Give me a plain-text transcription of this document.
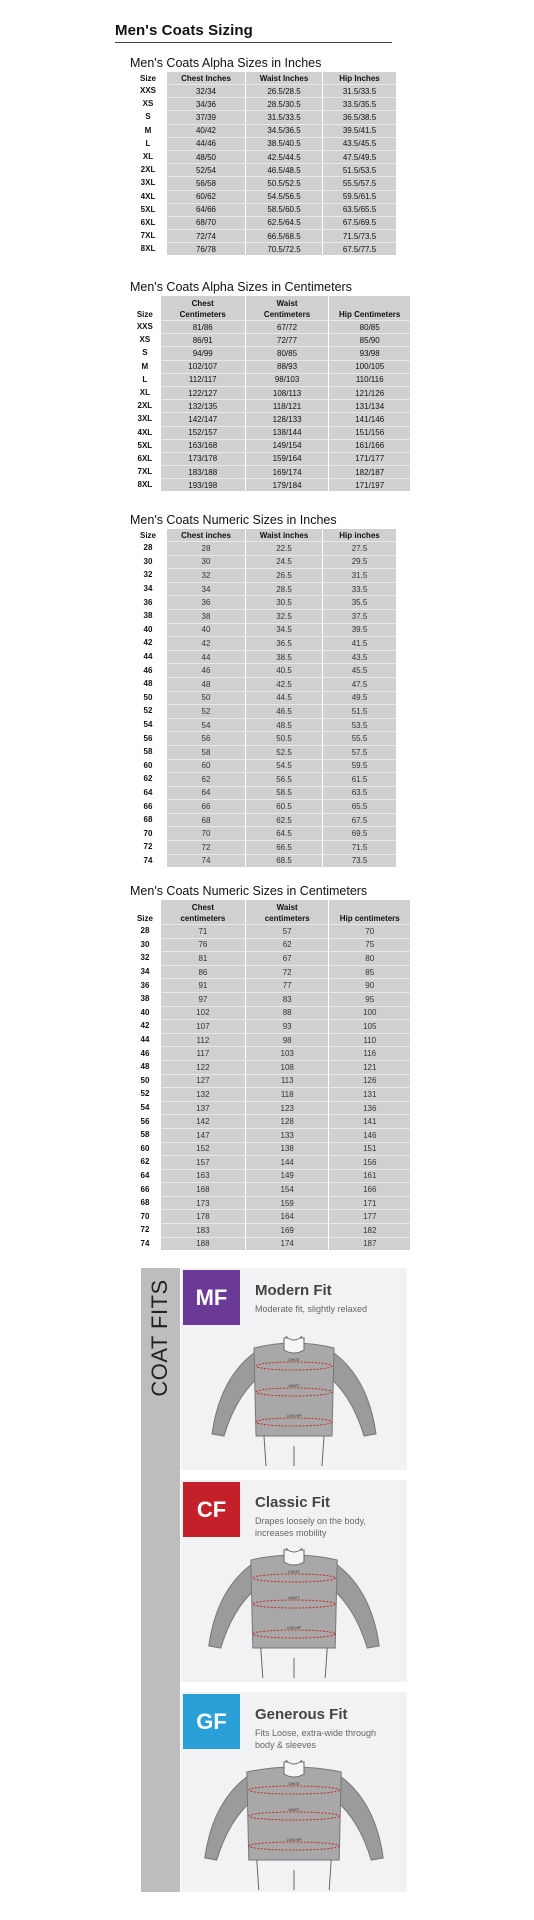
Men's Coats Sizing
Men's Coats Alpha Sizes in Inches
Size	Chest Inches	Waist Inches	Hip Inches
XXS	32/34	26.5/28.5	31.5/33.5
XS	34/36	28.5/30.5	33.5/35.5
S	37/39	31.5/33.5	36.5/38.5
M	40/42	34.5/36.5	39.5/41.5
L	44/46	38.5/40.5	43.5/45.5
XL	48/50	42.5/44.5	47.5/49.5
2XL	52/54	46.5/48.5	51.5/53.5
3XL	56/58	50.5/52.5	55.5/57.5
4XL	60/62	54.5/56.5	59.5/61.5
5XL	64/66	58.5/60.5	63.5/65.5
6XL	68/70	62.5/64.5	67.5/69.5
7XL	72/74	66.5/68.5	71.5/73.5
8XL	76/78	70.5/72.5	67.5/77.5
Men's Coats Alpha Sizes in Centimeters
Size	Chest Centimeters	Waist Centimeters	Hip Centimeters
XXS	81/86	67/72	80/85
XS	86/91	72/77	85/90
S	94/99	80/85	93/98
M	102/107	88/93	100/105
L	112/117	98/103	110/116
XL	122/127	108/113	121/126
2XL	132/135	118/121	131/134
3XL	142/147	128/133	141/146
4XL	152/157	138/144	151/156
5XL	163/168	149/154	161/166
6XL	173/178	159/164	171/177
7XL	183/188	169/174	182/187
8XL	193/198	179/184	171/197
Men's Coats Numeric Sizes in Inches
Size	Chest inches	Waist inches	Hip inches
28	28	22.5	27.5
30	30	24.5	29.5
32	32	26.5	31.5
34	34	28.5	33.5
36	36	30.5	35.5
38	38	32.5	37.5
40	40	34.5	39.5
42	42	36.5	41.5
44	44	38.5	43.5
46	46	40.5	45.5
48	48	42.5	47.5
50	50	44.5	49.5
52	52	46.5	51.5
54	54	48.5	53.5
56	56	50.5	55.5
58	58	52.5	57.5
60	60	54.5	59.5
62	62	56.5	61.5
64	64	58.5	63.5
66	66	60.5	65.5
68	68	62.5	67.5
70	70	64.5	69.5
72	72	66.5	71.5
74	74	68.5	73.5
Men's Coats Numeric Sizes in Centimeters
Size	Chest centimeters	Waist centimeters	Hip centimeters
28	71	57	70
30	76	62	75
32	81	67	80
34	86	72	85
36	91	77	90
38	97	83	95
40	102	88	100
42	107	93	105
44	112	98	110
46	117	103	116
48	122	108	121
50	127	113	126
52	132	118	131
54	137	123	136
56	142	128	141
58	147	133	146
60	152	138	151
62	157	144	156
64	163	149	161
66	168	154	166
68	173	159	171
70	178	164	177
72	183	169	182
74	188	174	187
COAT FITS	MF	Modern Fit
Moderate fit, slightly relaxed
CHEST
WAIST
LOW HIP
CF	Classic Fit
Drapes loosely on the body, increases mobility
CHEST
WAIST
LOW HIP
GF	Generous Fit
Fits Loose, extra-wide through body & sleeves
CHEST
WAIST
LOW HIP
